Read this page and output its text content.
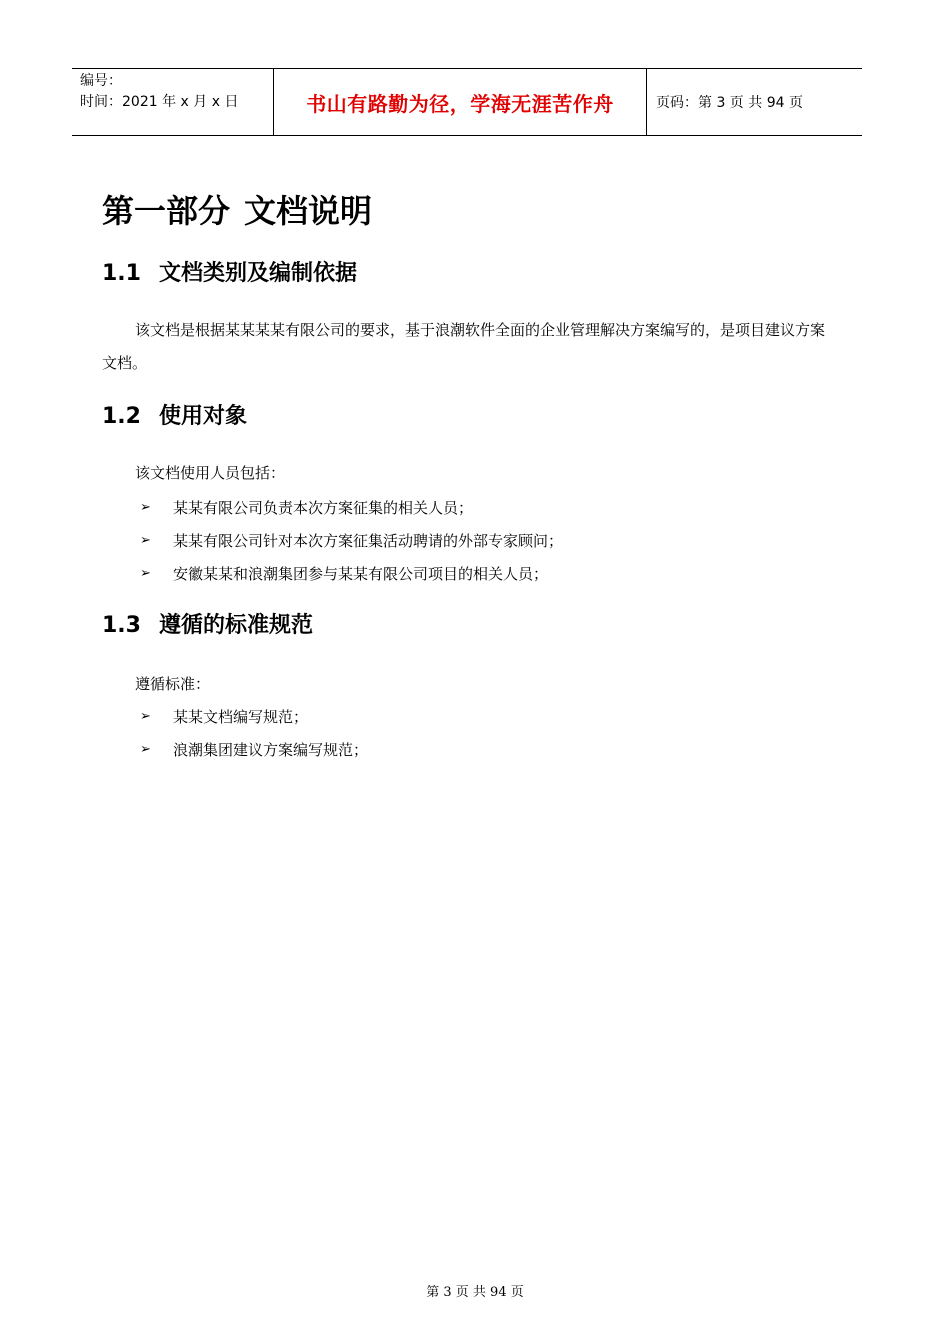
编号：
时间：2021 年 x 月 x 日	书山有路勤为径，学海无涯苦作舟	页码：第 3 页 共 94 页
第一部分 文档说明
1.1 文档类别及编制依据
该文档是根据某某某某有限公司的要求，基于浪潮软件全面的企业管理解决方案编写的，是项目建议方案文档。
1.2 使用对象
该文档使用人员包括：
➢	某某有限公司负责本次方案征集的相关人员；
➢	某某有限公司针对本次方案征集活动聘请的外部专家顾问；
➢	安徽某某和浪潮集团参与某某有限公司项目的相关人员；
1.3 遵循的标准规范
遵循标准：
➢	某某文档编写规范；
➢	浪潮集团建议方案编写规范；
第 3 页 共 94 页
